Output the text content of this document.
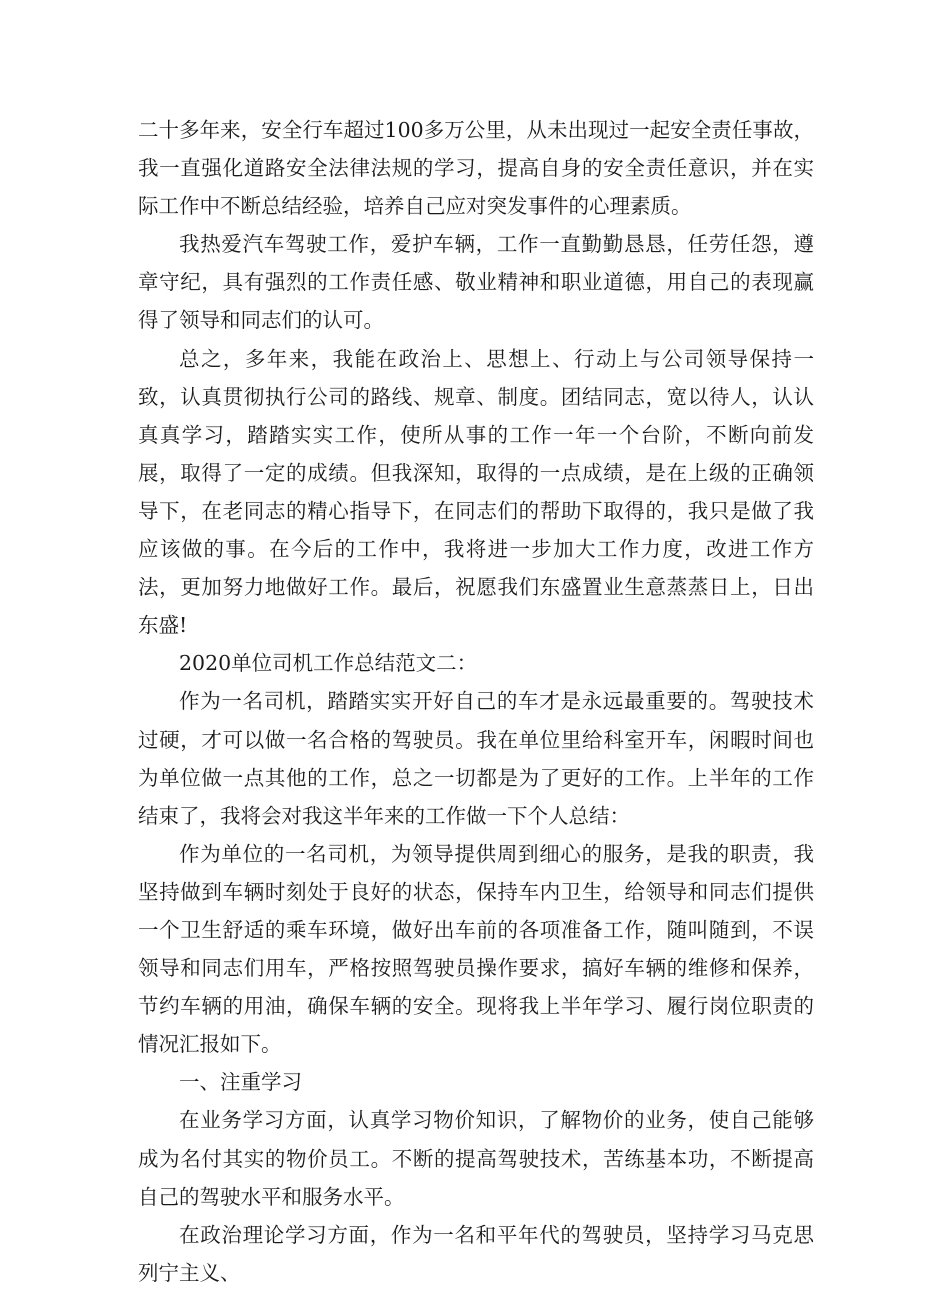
二十多年来，安全行车超过100多万公里，从未出现过一起安全责任事故，我一直强化道路安全法律法规的学习，提高自身的安全责任意识，并在实际工作中不断总结经验，培养自己应对突发事件的心理素质。

我热爱汽车驾驶工作，爱护车辆，工作一直勤勤恳恳，任劳任怨，遵章守纪，具有强烈的工作责任感、敬业精神和职业道德，用自己的表现赢得了领导和同志们的认可。

总之，多年来，我能在政治上、思想上、行动上与公司领导保持一致，认真贯彻执行公司的路线、规章、制度。团结同志，宽以待人，认认真真学习，踏踏实实工作，使所从事的工作一年一个台阶，不断向前发展，取得了一定的成绩。但我深知，取得的一点成绩，是在上级的正确领导下，在老同志的精心指导下，在同志们的帮助下取得的，我只是做了我应该做的事。在今后的工作中，我将进一步加大工作力度，改进工作方法，更加努力地做好工作。最后，祝愿我们东盛置业生意蒸蒸日上，日出东盛!

2020单位司机工作总结范文二：

作为一名司机，踏踏实实开好自己的车才是永远最重要的。驾驶技术过硬，才可以做一名合格的驾驶员。我在单位里给科室开车，闲暇时间也为单位做一点其他的工作，总之一切都是为了更好的工作。上半年的工作结束了，我将会对我这半年来的工作做一下个人总结：

作为单位的一名司机，为领导提供周到细心的服务，是我的职责，我坚持做到车辆时刻处于良好的状态，保持车内卫生，给领导和同志们提供一个卫生舒适的乘车环境，做好出车前的各项准备工作，随叫随到，不误领导和同志们用车，严格按照驾驶员操作要求，搞好车辆的维修和保养，节约车辆的用油，确保车辆的安全。现将我上半年学习、履行岗位职责的情况汇报如下。

一、注重学习

在业务学习方面，认真学习物价知识，了解物价的业务，使自己能够成为名付其实的物价员工。不断的提高驾驶技术，苦练基本功，不断提高自己的驾驶水平和服务水平。

在政治理论学习方面，作为一名和平年代的驾驶员，坚持学习马克思列宁主义、
